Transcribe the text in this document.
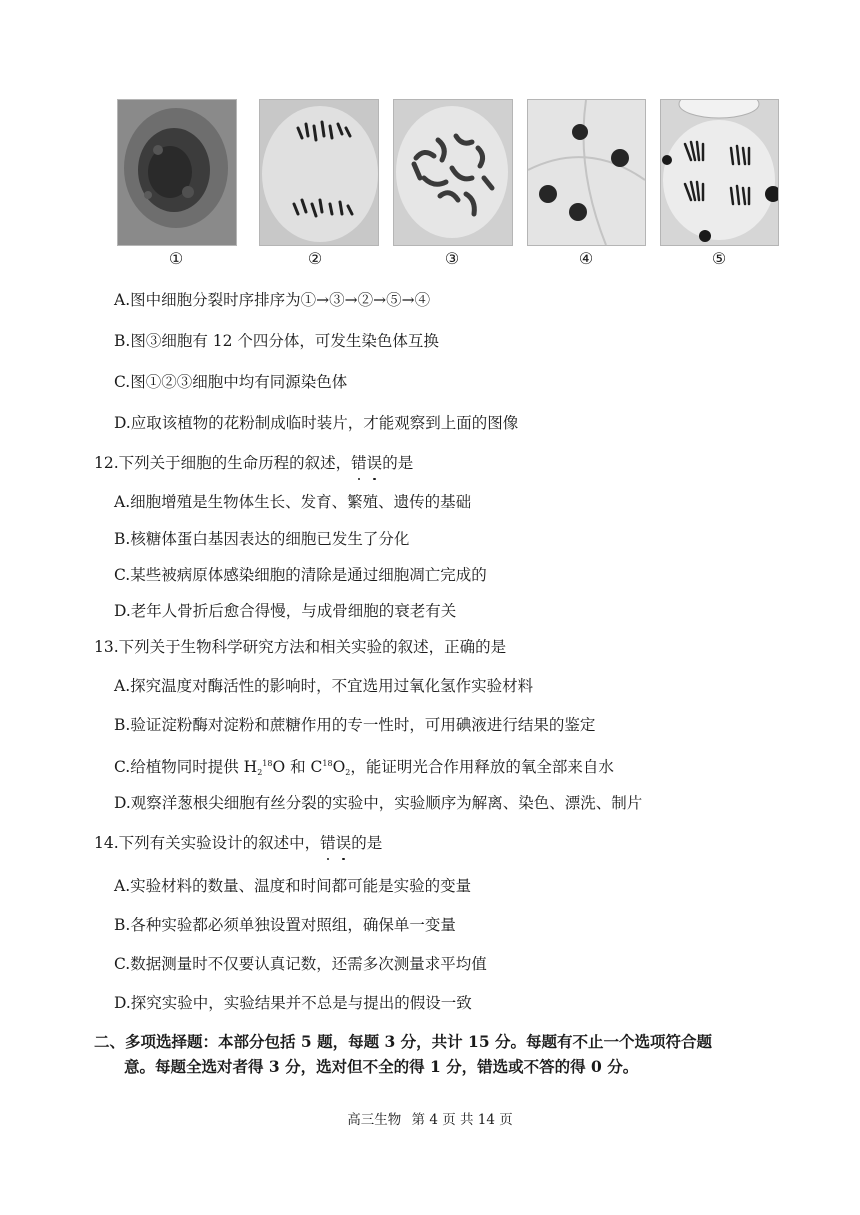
①	②	③	④	⑤
A.图中细胞分裂时序排序为①→③→②→⑤→④
B.图③细胞有 12 个四分体，可发生染色体互换
C.图①②③细胞中均有同源染色体
D.应取该植物的花粉制成临时装片，才能观察到上面的图像
12.下列关于细胞的生命历程的叙述，错误的是
A.细胞增殖是生物体生长、发育、繁殖、遗传的基础
B.核糖体蛋白基因表达的细胞已发生了分化
C.某些被病原体感染细胞的清除是通过细胞凋亡完成的
D.老年人骨折后愈合得慢，与成骨细胞的衰老有关
13.下列关于生物科学研究方法和相关实验的叙述，正确的是
A.探究温度对酶活性的影响时，不宜选用过氧化氢作实验材料
B.验证淀粉酶对淀粉和蔗糖作用的专一性时，可用碘液进行结果的鉴定
C.给植物同时提供 $H_2^{18}O$ 和 $C^{18}O_2$，能证明光合作用释放的氧全部来自水
D.观察洋葱根尖细胞有丝分裂的实验中，实验顺序为解离、染色、漂洗、制片
14.下列有关实验设计的叙述中，错误的是
A.实验材料的数量、温度和时间都可能是实验的变量
B.各种实验都必须单独设置对照组，确保单一变量
C.数据测量时不仅要认真记数，还需多次测量求平均值
D.探究实验中，实验结果并不总是与提出的假设一致
二、多项选择题：本部分包括 5 题，每题 3 分，共计 15 分。每题有不止一个选项符合题
意。每题全选对者得 3 分，选对但不全的得 1 分，错选或不答的得 0 分。
高三生物 第 4 页 共 14 页
